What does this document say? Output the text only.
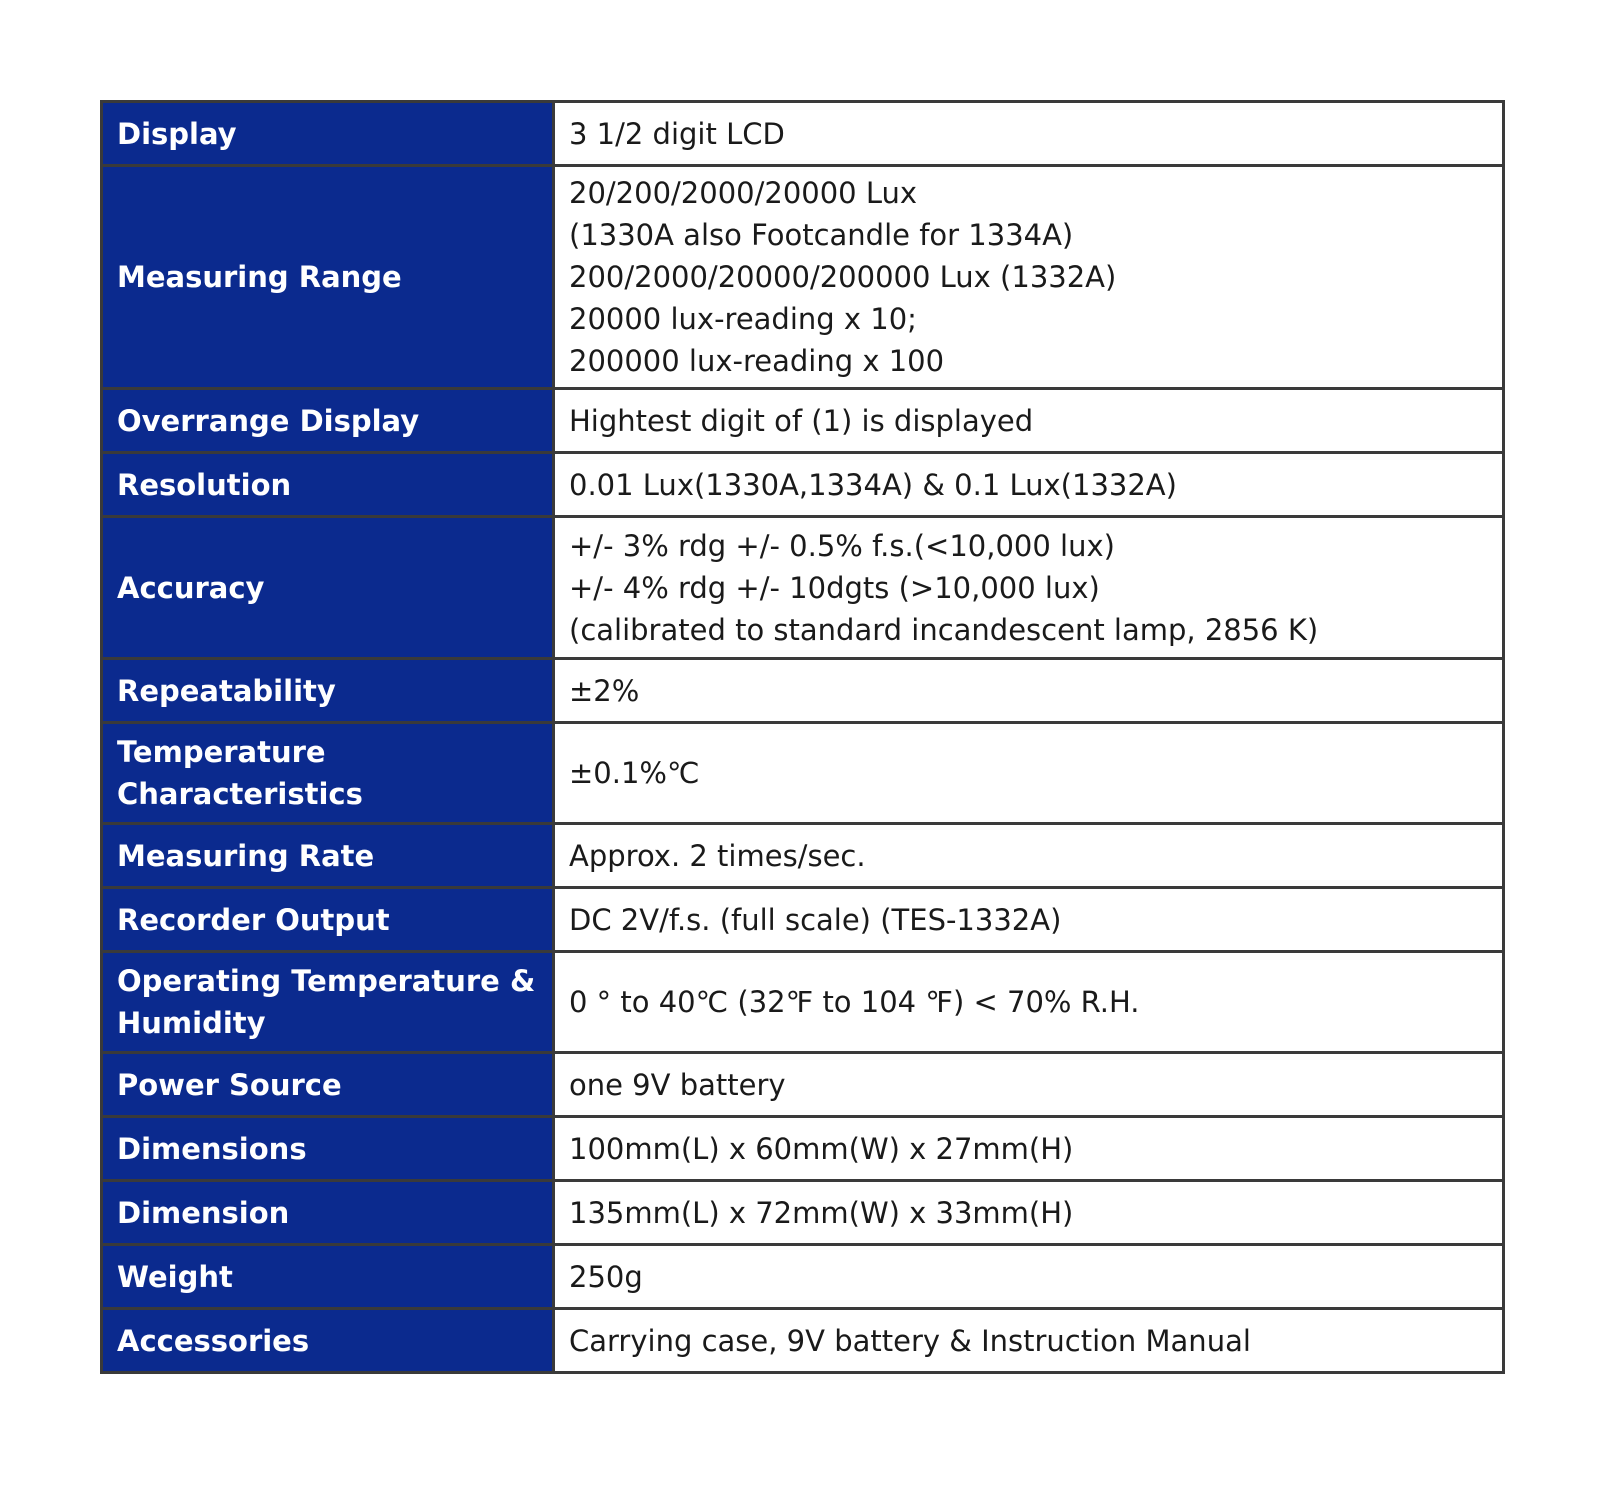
Display	3 1/2 digit LCD

Measuring Range	20/200/2000/20000 Lux
(1330A also Footcandle for 1334A)
200/2000/20000/200000 Lux (1332A)
20000 lux-reading x 10;
200000 lux-reading x 100

Overrange Display	Hightest digit of (1) is displayed

Resolution	0.01 Lux(1330A,1334A) & 0.1 Lux(1332A)

Accuracy	+/- 3% rdg +/- 0.5% f.s.(<10,000 lux)
+/- 4% rdg +/- 10dgts (>10,000 lux)
(calibrated to standard incandescent lamp, 2856 K)

Repeatability	±2%

Temperature Characteristics	±0.1%℃

Measuring Rate	Approx. 2 times/sec.

Recorder Output	DC 2V/f.s. (full scale) (TES-1332A)

Operating Temperature & Humidity	0 ° to 40℃ (32℉ to 104 ℉) < 70% R.H.

Power Source	one 9V battery

Dimensions	100mm(L) x 60mm(W) x 27mm(H)

Dimension	135mm(L) x 72mm(W) x 33mm(H)

Weight	250g

Accessories	Carrying case, 9V battery & Instruction Manual
